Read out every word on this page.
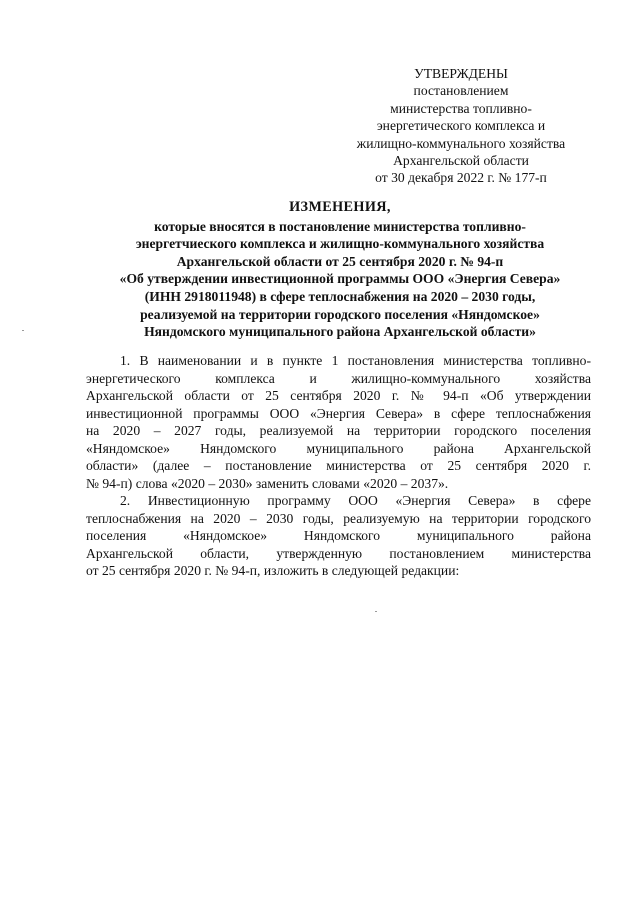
УТВЕРЖДЕНЫ
постановлением
министерства топливно-
энергетического комплекса и
жилищно-коммунального хозяйства
Архангельской области
от 30 декабря 2022 г. № 177-п
ИЗМЕНЕНИЯ,
которые вносятся в постановление министерства топливно-
энергетчиеского комплекса и жилищно-коммунального хозяйства
Архангельской области от 25 сентября 2020 г. № 94-п
«Об утверждении инвестиционной программы ООО «Энергия Севера»
(ИНН 2918011948) в сфере теплоснабжения на 2020 – 2030 годы,
реализуемой на территории городского поселения «Няндомское»
Няндомского муниципального района Архангельской области»
1. В наименовании и в пункте 1 постановления министерства топливно-
энергетического комплекса и жилищно-коммунального хозяйства
Архангельской области от 25 сентября 2020 г. № 94-п «Об утверждении
инвестиционной программы ООО «Энергия Севера» в сфере теплоснабжения
на 2020 – 2027 годы, реализуемой на территории городского поселения
«Няндомское» Няндомского муниципального района Архангельской
области» (далее – постановление министерства от 25 сентября 2020 г.
№ 94-п) слова «2020 – 2030» заменить словами «2020 – 2037».
2. Инвестиционную программу ООО «Энергия Севера» в сфере
теплоснабжения на 2020 – 2030 годы, реализуемую на территории городского
поселения «Няндомское» Няндомского муниципального района
Архангельской области, утвержденную постановлением министерства
от 25 сентября 2020 г. № 94-п, изложить в следующей редакции:
